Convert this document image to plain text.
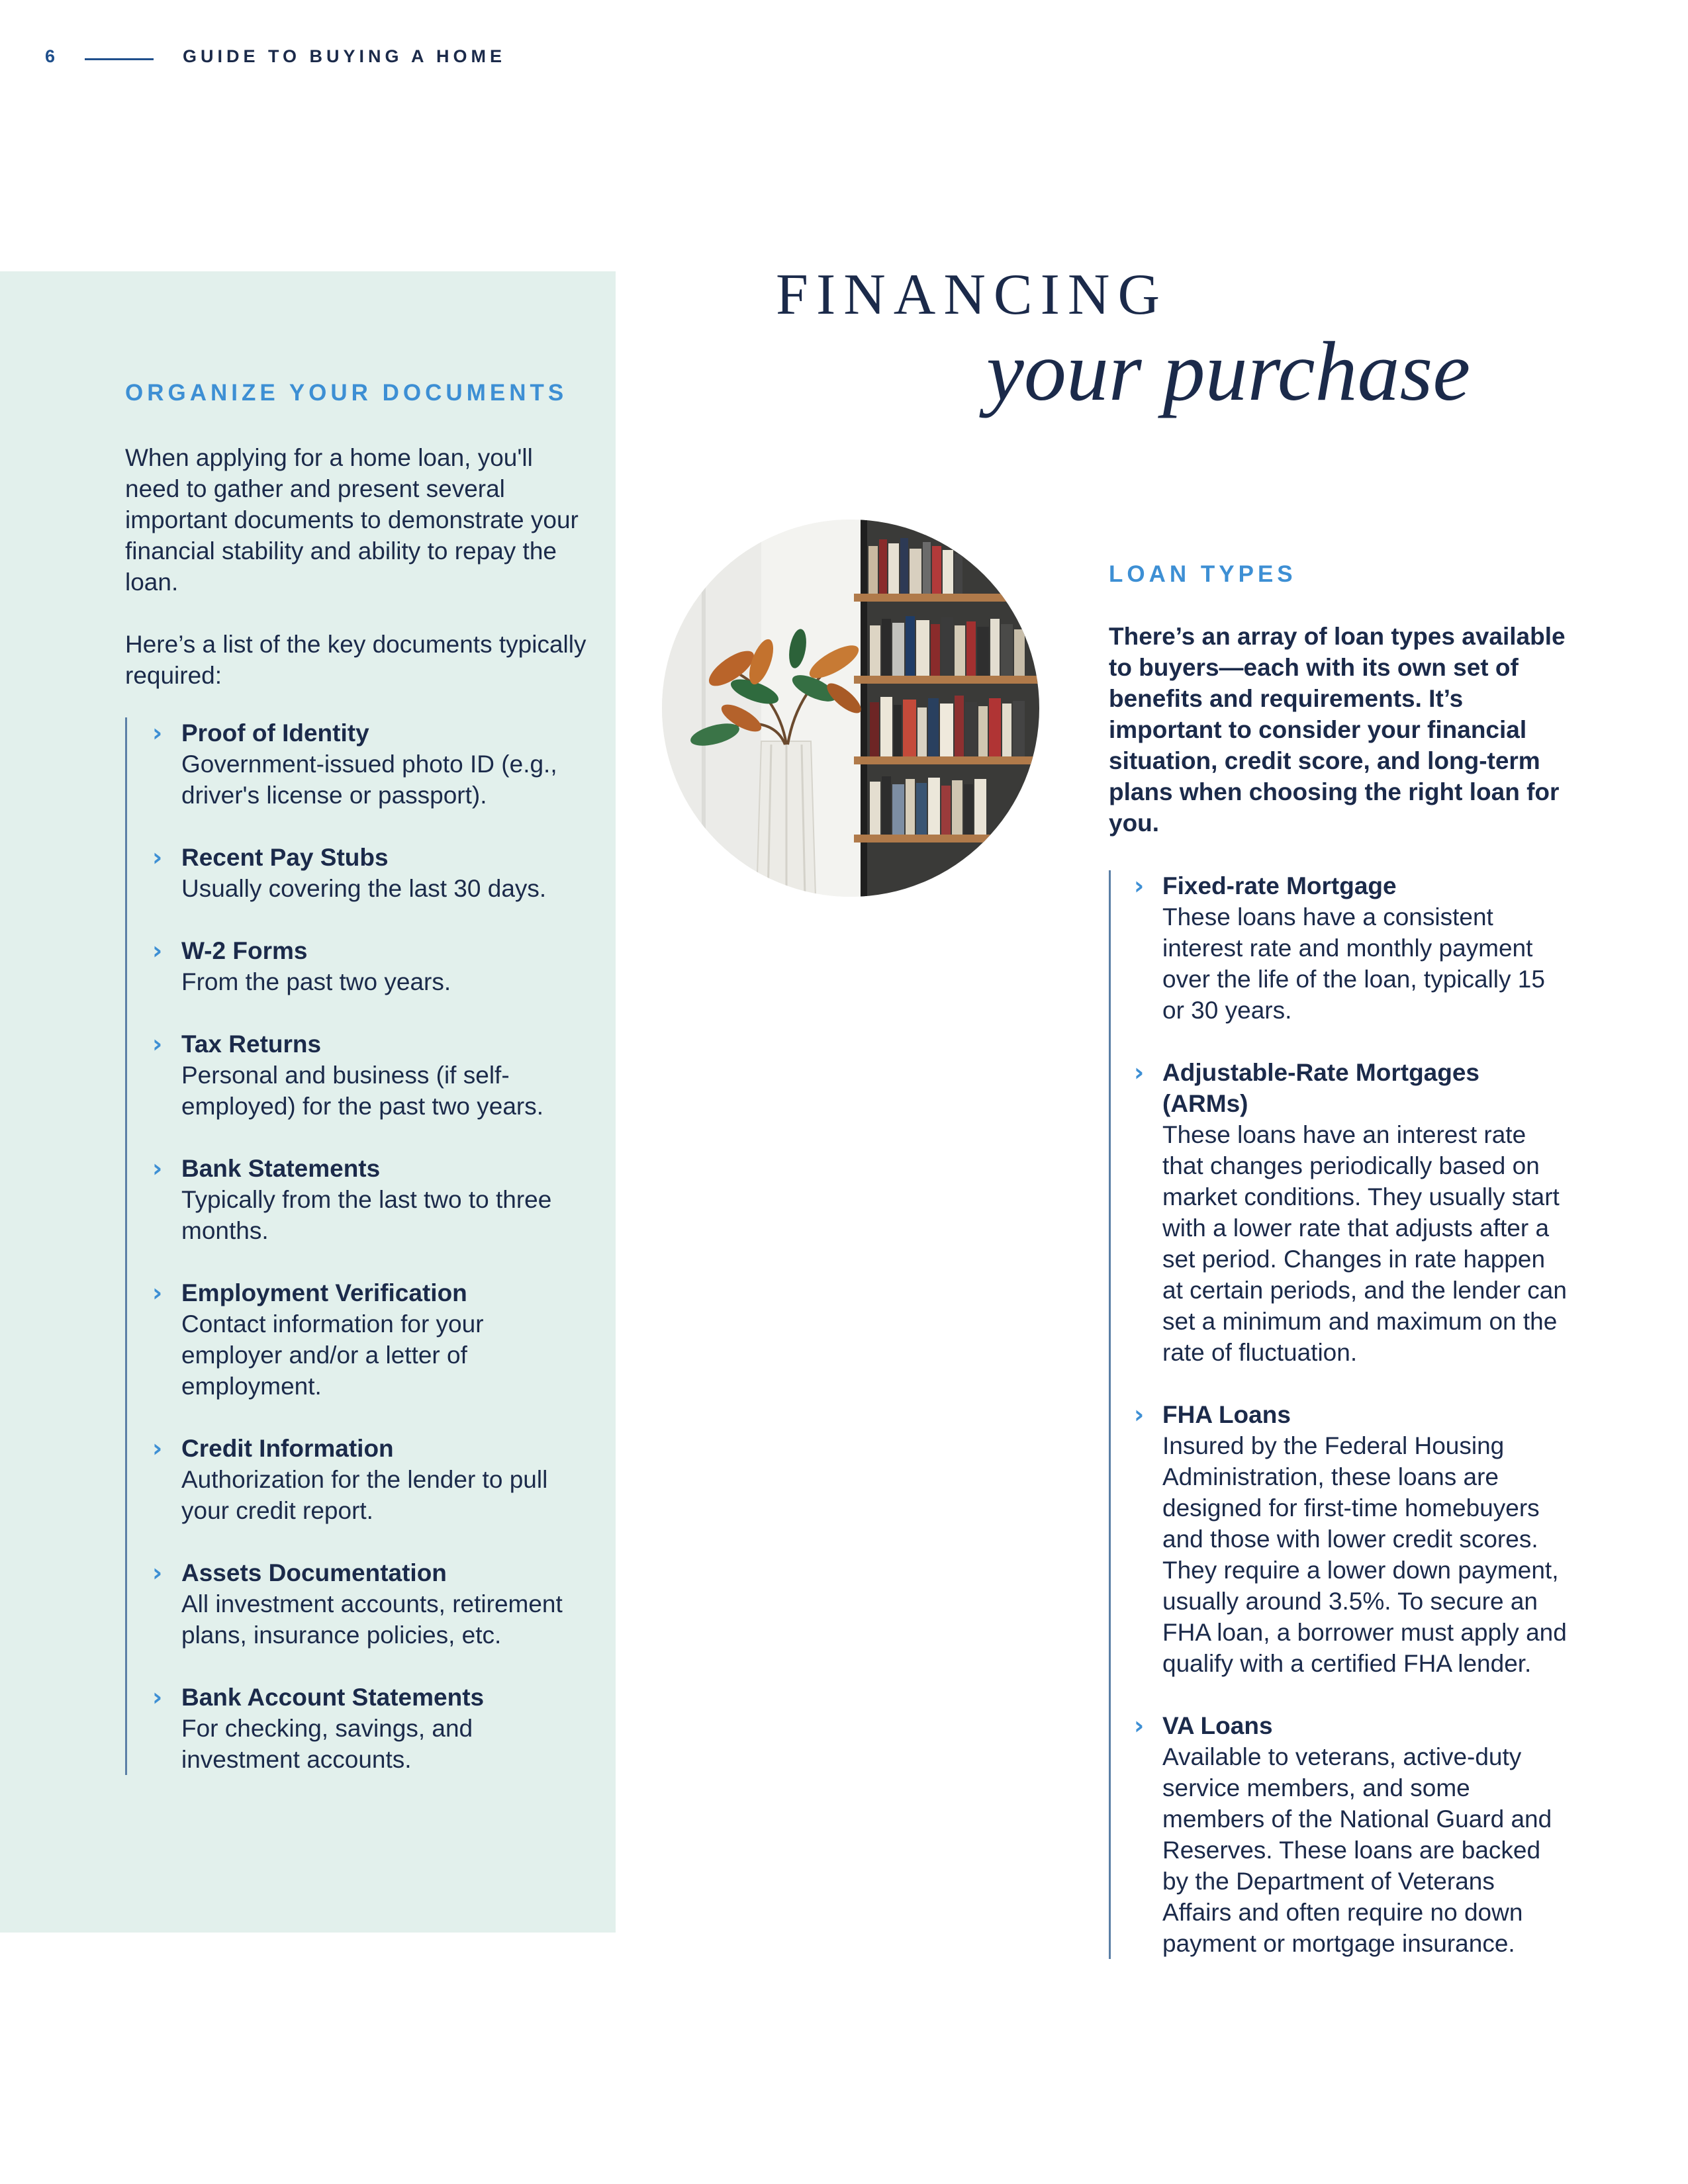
6	GUIDE TO BUYING A HOME
ORGANIZE YOUR DOCUMENTS

When applying for a home loan, you'll need to gather and present several important documents to demonstrate your financial stability and ability to repay the loan.

Here’s a list of the key documents typically required:

› Proof of Identity
Government-issued photo ID (e.g., driver's license or passport).
› Recent Pay Stubs
Usually covering the last 30 days.
› W-2 Forms
From the past two years.
› Tax Returns
Personal and business (if self-employed) for the past two years.
› Bank Statements
Typically from the last two to three months.
› Employment Verification
Contact information for your employer and/or a letter of employment.
› Credit Information
Authorization for the lender to pull your credit report.
› Assets Documentation
All investment accounts, retirement plans, insurance policies, etc.
› Bank Account Statements
For checking, savings, and investment accounts.
FINANCING
your purchase
LOAN TYPES

There’s an array of loan types available to buyers—each with its own set of benefits and requirements. It’s important to consider your financial situation, credit score, and long-term plans when choosing the right loan for you.

› Fixed-rate Mortgage
These loans have a consistent interest rate and monthly payment over the life of the loan, typically 15 or 30 years.
› Adjustable-Rate Mortgages (ARMs)
These loans have an interest rate that changes periodically based on market conditions. They usually start with a lower rate that adjusts after a set period. Changes in rate happen at certain periods, and the lender can set a minimum and maximum on the rate of fluctuation.
› FHA Loans
Insured by the Federal Housing Administration, these loans are designed for first-time homebuyers and those with lower credit scores. They require a lower down payment, usually around 3.5%. To secure an FHA loan, a borrower must apply and qualify with a certified FHA lender.
› VA Loans
Available to veterans, active-duty service members, and some members of the National Guard and Reserves. These loans are backed by the Department of Veterans Affairs and often require no down payment or mortgage insurance.
